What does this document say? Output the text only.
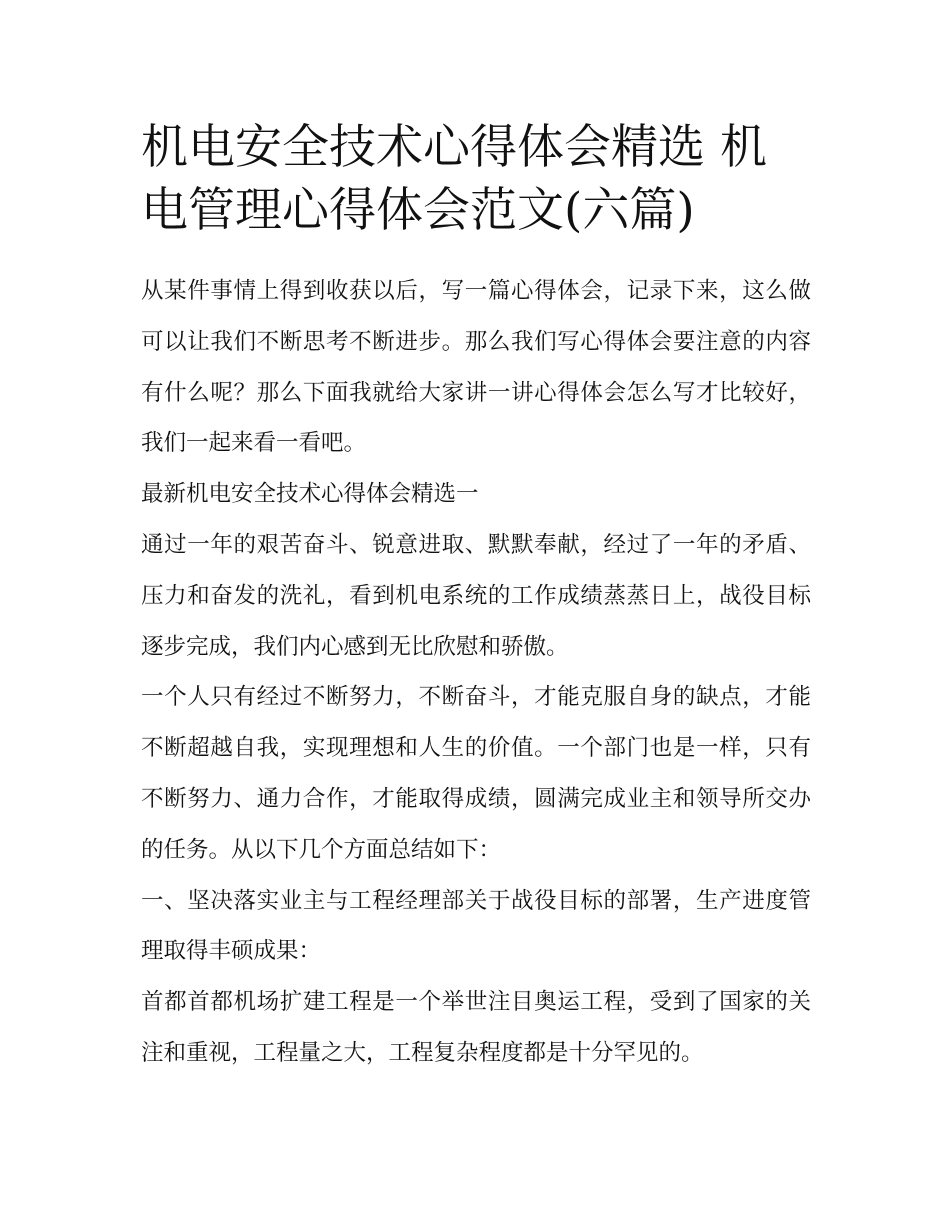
机电安全技术心得体会精选 机电管理心得体会范文(六篇)

从某件事情上得到收获以后，写一篇心得体会，记录下来，这么做可以让我们不断思考不断进步。那么我们写心得体会要注意的内容有什么呢？那么下面我就给大家讲一讲心得体会怎么写才比较好，我们一起来看一看吧。

最新机电安全技术心得体会精选一

通过一年的艰苦奋斗、锐意进取、默默奉献，经过了一年的矛盾、压力和奋发的洗礼，看到机电系统的工作成绩蒸蒸日上，战役目标逐步完成，我们内心感到无比欣慰和骄傲。

一个人只有经过不断努力，不断奋斗，才能克服自身的缺点，才能不断超越自我，实现理想和人生的价值。一个部门也是一样，只有不断努力、通力合作，才能取得成绩，圆满完成业主和领导所交办的任务。从以下几个方面总结如下：

一、坚决落实业主与工程经理部关于战役目标的部署，生产进度管理取得丰硕成果：

首都首都机场扩建工程是一个举世注目奥运工程，受到了国家的关注和重视，工程量之大，工程复杂程度都是十分罕见的。
